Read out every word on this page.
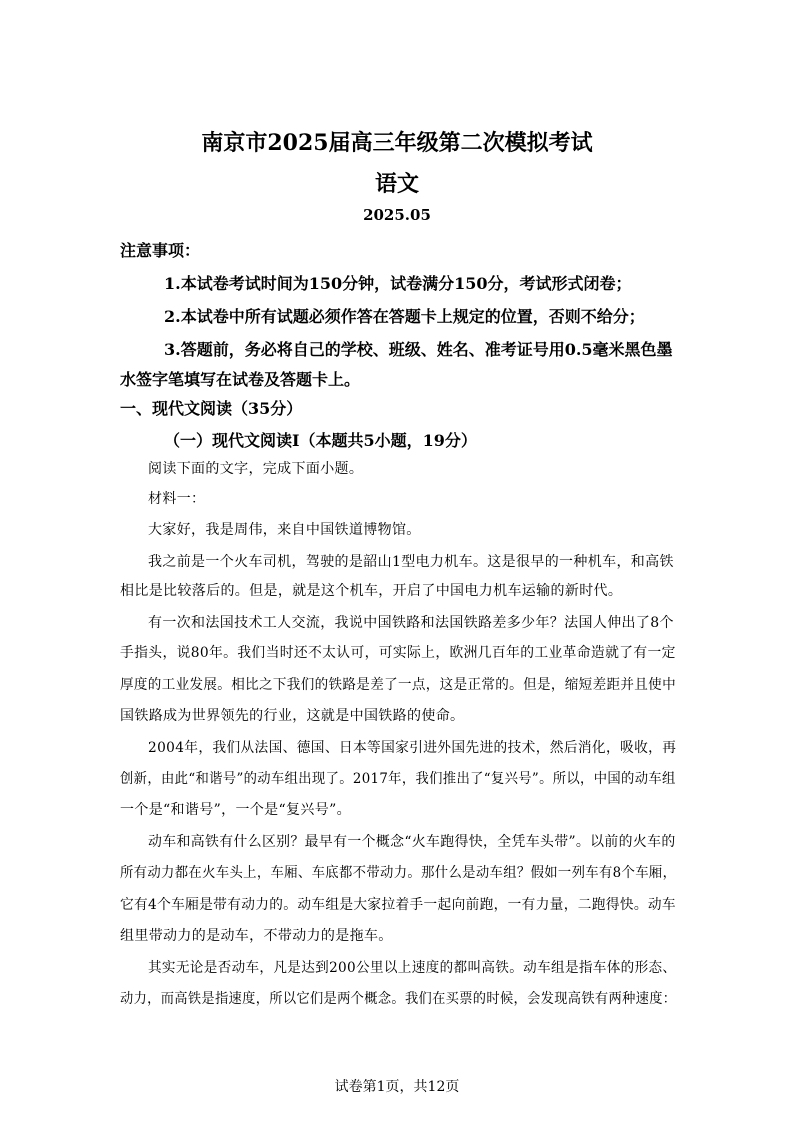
南京市2025届高三年级第二次模拟考试
语文
2025.05
注意事项：
1.本试卷考试时间为150分钟，试卷满分150分，考试形式闭卷；
2.本试卷中所有试题必须作答在答题卡上规定的位置，否则不给分；
3.答题前，务必将自己的学校、班级、姓名、准考证号用0.5毫米黑色墨
水签字笔填写在试卷及答题卡上。
一、现代文阅读（35分）
（一）现代文阅读Ⅰ（本题共5小题，19分）
阅读下面的文字，完成下面小题。
材料一：
大家好，我是周伟，来自中国铁道博物馆。
我之前是一个火车司机，驾驶的是韶山1型电力机车。这是很早的一种机车，和高铁
相比是比较落后的。但是，就是这个机车，开启了中国电力机车运输的新时代。
有一次和法国技术工人交流，我说中国铁路和法国铁路差多少年？法国人伸出了8个
手指头，说80年。我们当时还不太认可，可实际上，欧洲几百年的工业革命造就了有一定
厚度的工业发展。相比之下我们的铁路是差了一点，这是正常的。但是，缩短差距并且使中
国铁路成为世界领先的行业，这就是中国铁路的使命。
2004年，我们从法国、德国、日本等国家引进外国先进的技术，然后消化，吸收，再
创新，由此“和谐号”的动车组出现了。2017年，我们推出了“复兴号”。所以，中国的动车组
一个是“和谐号”，一个是“复兴号”。
动车和高铁有什么区别？最早有一个概念“火车跑得快，全凭车头带”。以前的火车的
所有动力都在火车头上，车厢、车底都不带动力。那什么是动车组？假如一列车有8个车厢，
它有4个车厢是带有动力的。动车组是大家拉着手一起向前跑，一有力量，二跑得快。动车
组里带动力的是动车，不带动力的是拖车。
其实无论是否动车，凡是达到200公里以上速度的都叫高铁。动车组是指车体的形态、
动力，而高铁是指速度，所以它们是两个概念。我们在买票的时候，会发现高铁有两种速度：
试卷第1页，共12页
